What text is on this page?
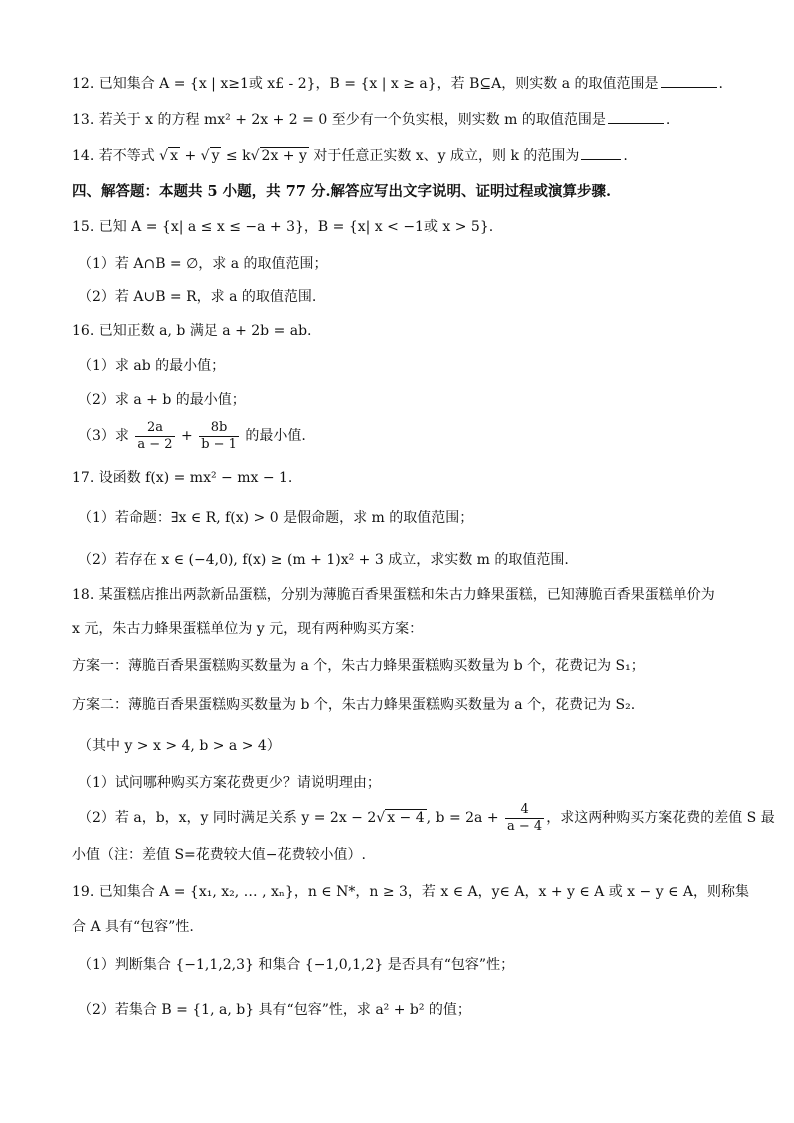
12. 已知集合 A = {x | x≥1或 x£ - 2}，B = {x | x ≥ a}，若 B⊆A，则实数 a 的取值范围是	.
13. 若关于 x 的方程 mx² + 2x + 2 = 0 至少有一个负实根，则实数 m 的取值范围是	.
14. 若不等式 √ x + √ y ≤ k√ 2x + y 对于任意正实数 x、y 成立，则 k 的范围为	.
四、解答题：本题共 5 小题，共 77 分.解答应写出文字说明、证明过程或演算步骤.
15. 已知 A = {x| a ≤ x ≤ −a + 3}，B = {x| x < −1或 x > 5}.
（1）若 A∩B = ∅，求 a 的取值范围；
（2）若 A∪B = R，求 a 的取值范围.
16. 已知正数 a, b 满足 a + 2b = ab.
（1）求 ab 的最小值；
（2）求 a + b 的最小值；
（3）求 $\frac{2a}{a - 2} + \frac{8b}{b - 1}$ 的最小值.
17. 设函数 f(x) = mx² − mx − 1.
（1）若命题：∃x ∈ R, f(x) > 0 是假命题，求 m 的取值范围；
（2）若存在 x ∈ (−4,0), f(x) ≥ (m + 1)x² + 3 成立，求实数 m 的取值范围.
18. 某蛋糕店推出两款新品蛋糕，分别为薄脆百香果蛋糕和朱古力蜂果蛋糕，已知薄脆百香果蛋糕单价为
x 元，朱古力蜂果蛋糕单位为 y 元，现有两种购买方案：
方案一：薄脆百香果蛋糕购买数量为 a 个，朱古力蜂果蛋糕购买数量为 b 个，花费记为 S₁；
方案二：薄脆百香果蛋糕购买数量为 b 个，朱古力蜂果蛋糕购买数量为 a 个，花费记为 S₂.
（其中 y > x > 4, b > a > 4）
（1）试问哪种购买方案花费更少？请说明理由；
（2）若 a，b，x，y 同时满足关系 y = 2x − 2√ x − 4 , $b = 2a + \frac{4}{a - 4}$ ，求这两种购买方案花费的差值 S 最
小值（注：差值 S=花费较大值−花费较小值）.
19. 已知集合 A = {x₁, x₂, … , xₙ}，n ∈ N*，n ≥ 3，若 x ∈ A，y∈ A，x + y ∈ A 或 x − y ∈ A，则称集
合 A 具有“包容”性.
（1）判断集合 {−1,1,2,3} 和集合 {−1,0,1,2} 是否具有“包容”性；
（2）若集合 B = {1, a, b} 具有“包容”性，求 a² + b² 的值；
